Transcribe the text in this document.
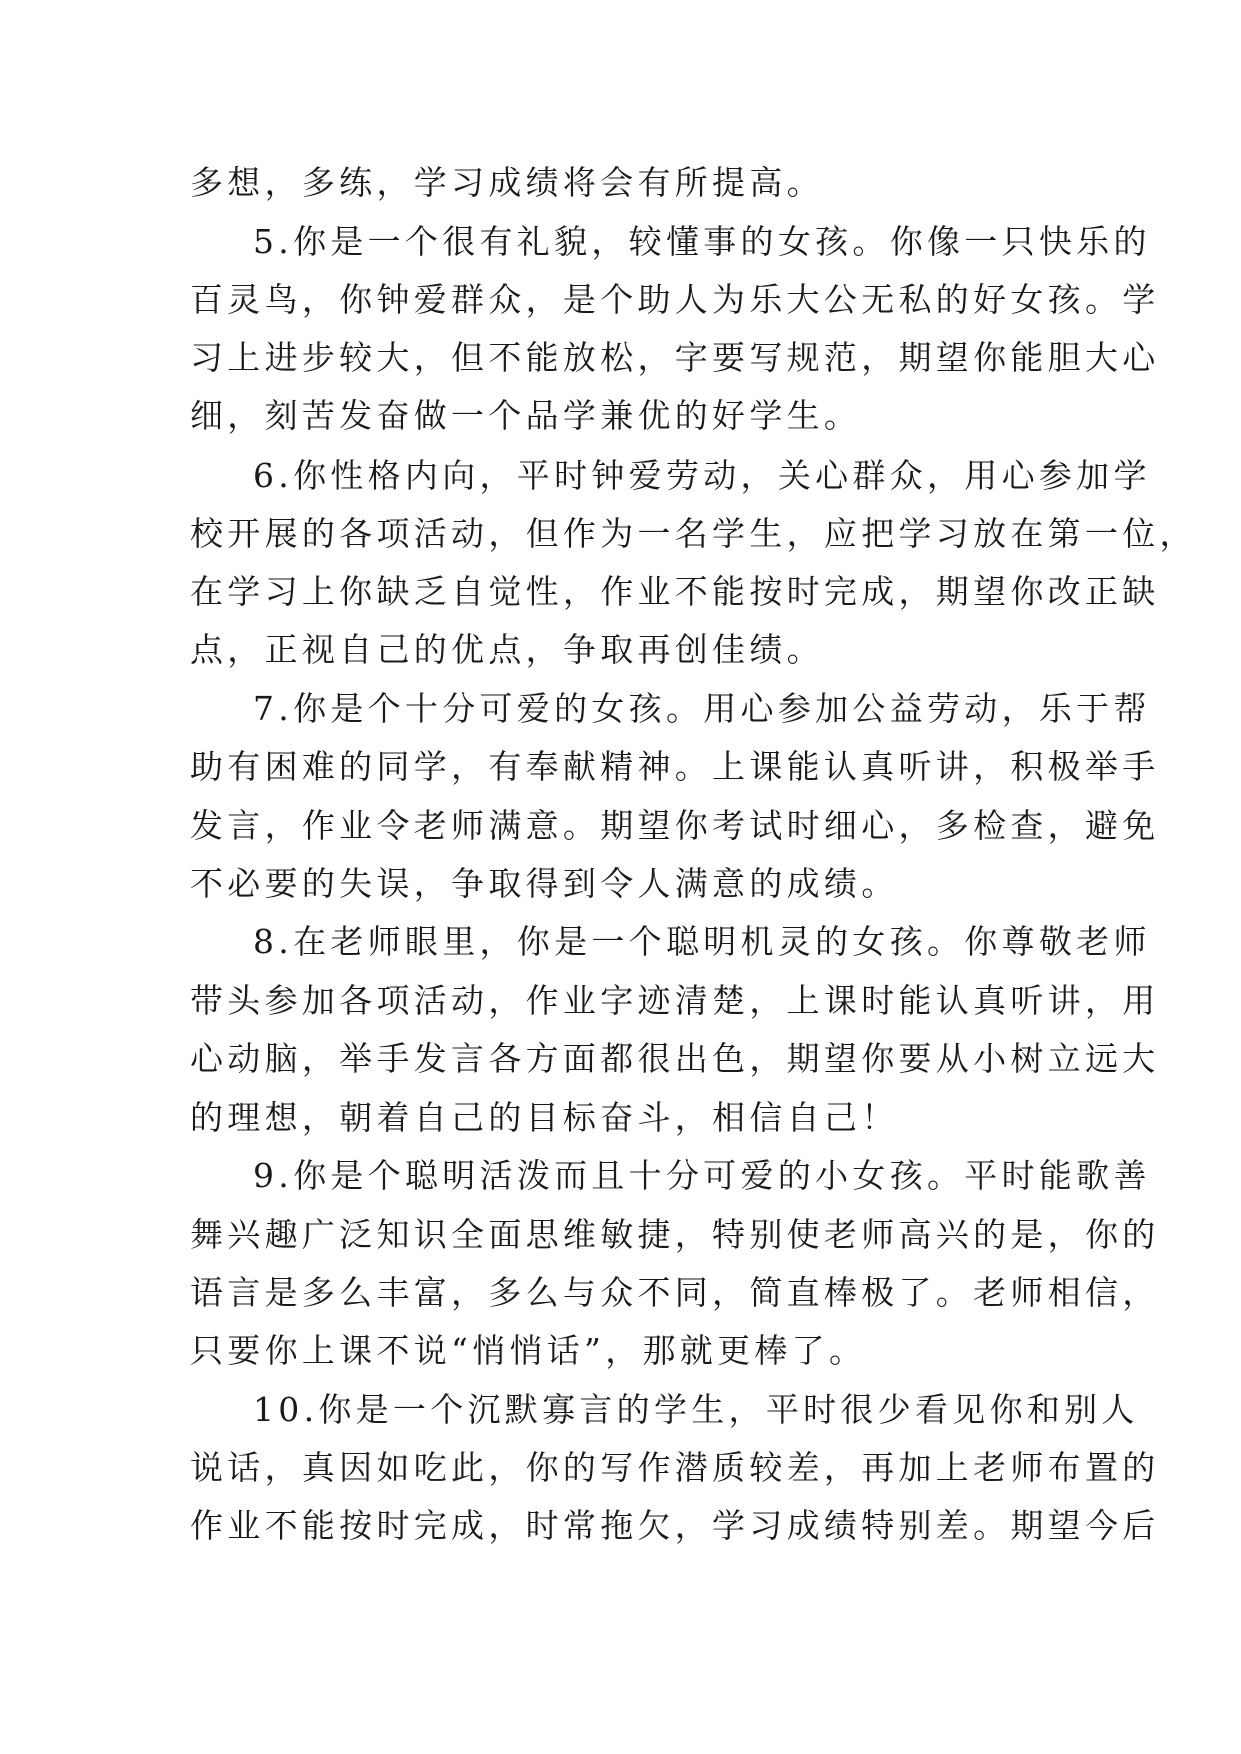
多想，多练，学习成绩将会有所提高。
5.你是一个很有礼貌，较懂事的女孩。你像一只快乐的
百灵鸟，你钟爱群众，是个助人为乐大公无私的好女孩。学
习上进步较大，但不能放松，字要写规范，期望你能胆大心
细，刻苦发奋做一个品学兼优的好学生。
6.你性格内向，平时钟爱劳动，关心群众，用心参加学
校开展的各项活动，但作为一名学生，应把学习放在第一位，
在学习上你缺乏自觉性，作业不能按时完成，期望你改正缺
点，正视自己的优点，争取再创佳绩。
7.你是个十分可爱的女孩。用心参加公益劳动，乐于帮
助有困难的同学，有奉献精神。上课能认真听讲，积极举手
发言，作业令老师满意。期望你考试时细心，多检查，避免
不必要的失误，争取得到令人满意的成绩。
8.在老师眼里，你是一个聪明机灵的女孩。你尊敬老师
带头参加各项活动，作业字迹清楚，上课时能认真听讲，用
心动脑，举手发言各方面都很出色，期望你要从小树立远大
的理想，朝着自己的目标奋斗，相信自己！
9.你是个聪明活泼而且十分可爱的小女孩。平时能歌善
舞兴趣广泛知识全面思维敏捷，特别使老师高兴的是，你的
语言是多么丰富，多么与众不同，简直棒极了。老师相信，
只要你上课不说“悄悄话”，那就更棒了。
10.你是一个沉默寡言的学生，平时很少看见你和别人
说话，真因如吃此，你的写作潜质较差，再加上老师布置的
作业不能按时完成，时常拖欠，学习成绩特别差。期望今后
